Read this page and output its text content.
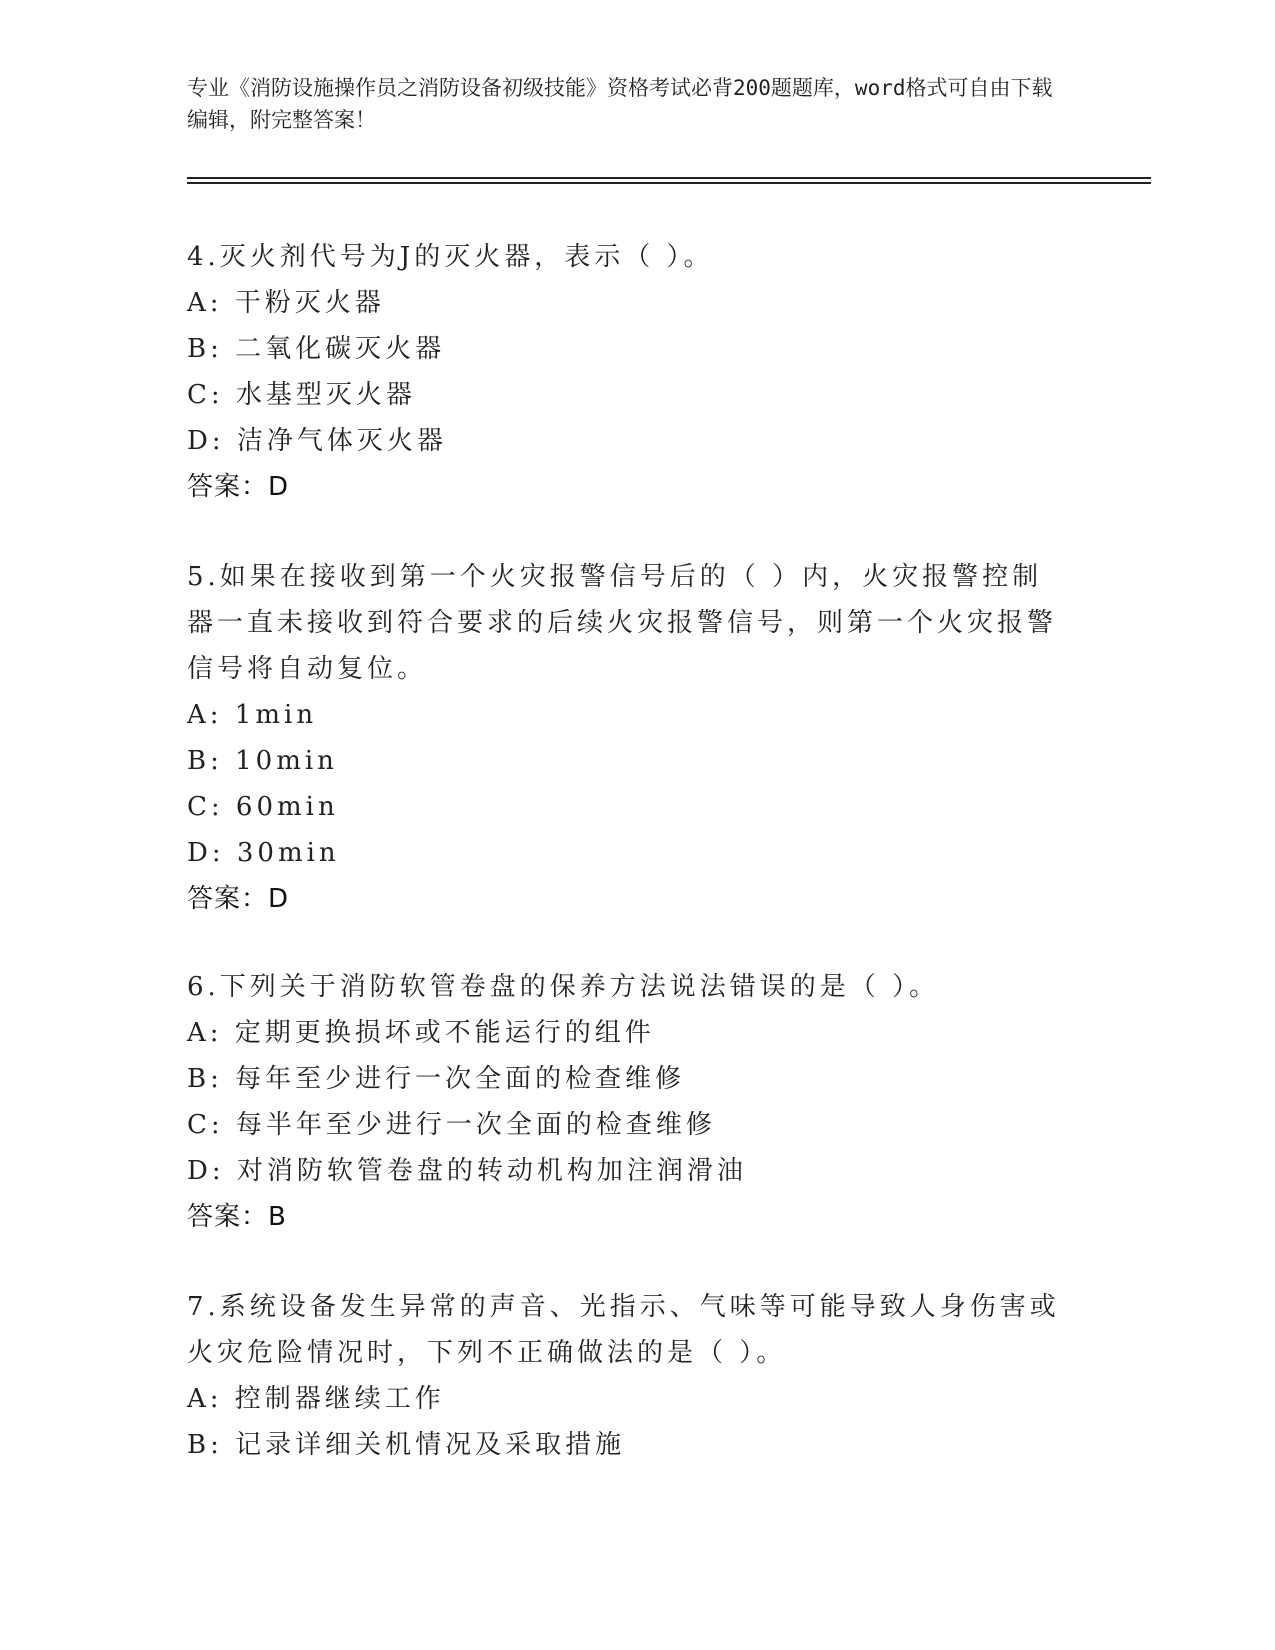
专业《消防设施操作员之消防设备初级技能》资格考试必背200题题库，word格式可自由下载编辑，附完整答案！
4.灭火剂代号为J的灭火器，表示（ ）。
A: 干粉灭火器
B: 二氧化碳灭火器
C: 水基型灭火器
D: 洁净气体灭火器
答案：D
5.如果在接收到第一个火灾报警信号后的（ ）内，火灾报警控制器一直未接收到符合要求的后续火灾报警信号，则第一个火灾报警信号将自动复位。
A: 1min
B: 10min
C: 60min
D: 30min
答案：D
6.下列关于消防软管卷盘的保养方法说法错误的是（ ）。
A: 定期更换损坏或不能运行的组件
B: 每年至少进行一次全面的检查维修
C: 每半年至少进行一次全面的检查维修
D: 对消防软管卷盘的转动机构加注润滑油
答案：B
7.系统设备发生异常的声音、光指示、气味等可能导致人身伤害或火灾危险情况时，下列不正确做法的是（ ）。
A: 控制器继续工作
B: 记录详细关机情况及采取措施
